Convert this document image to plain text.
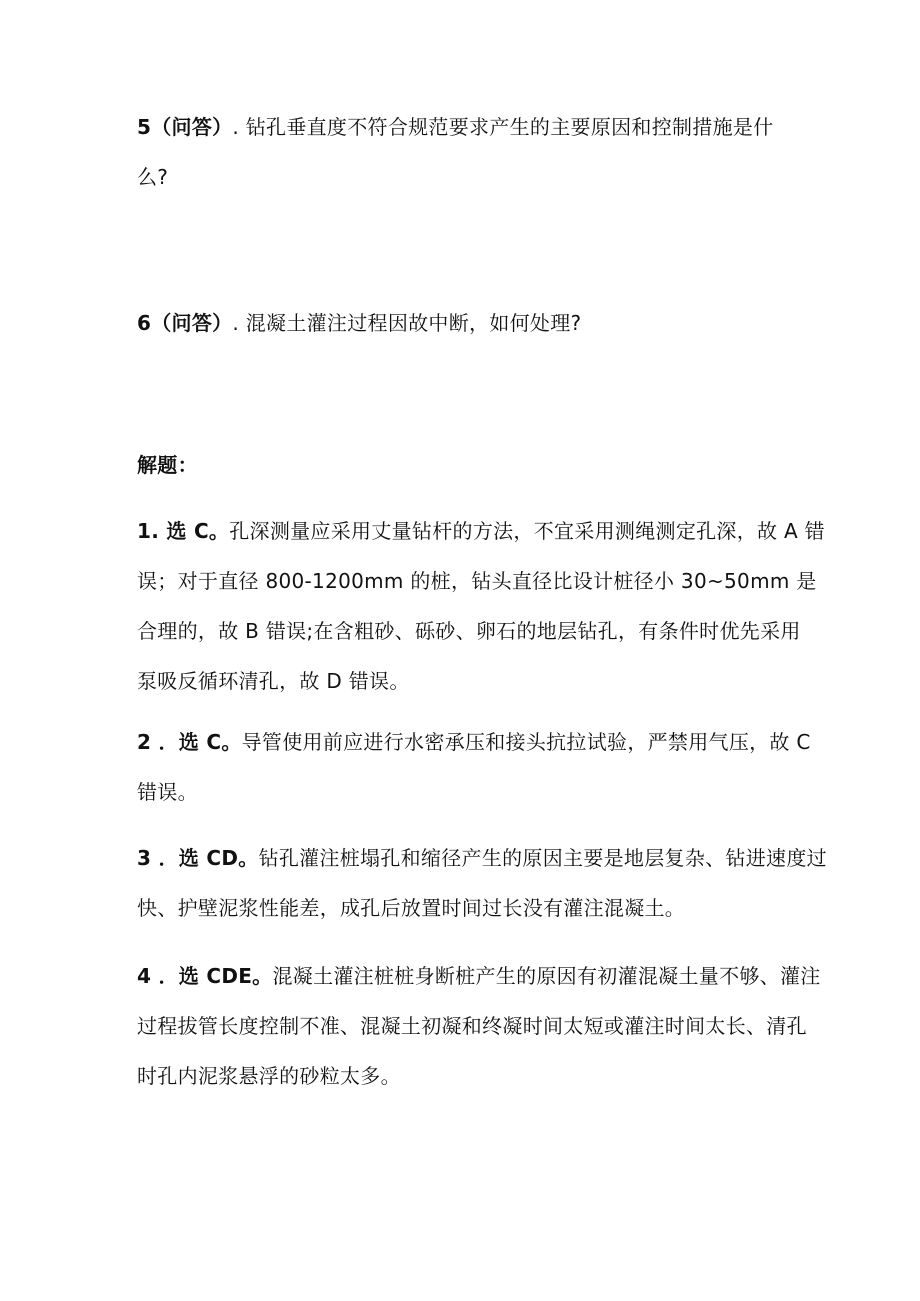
5（问答）. 钻孔垂直度不符合规范要求产生的主要原因和控制措施是什
么?
6（问答）. 混凝土灌注过程因故中断，如何处理?
解题：
1. 选 C。孔深测量应采用丈量钻杆的方法，不宜采用测绳测定孔深，故 A 错
误；对于直径 800-1200mm 的桩，钻头直径比设计桩径小 30~50mm 是
合理的，故 B 错误;在含粗砂、砾砂、卵石的地层钻孔，有条件时优先采用
泵吸反循环清孔，故 D 错误。
2 ．选 C。导管使用前应进行水密承压和接头抗拉试验，严禁用气压，故 C
错误。
3 ．选 CD。钻孔灌注桩塌孔和缩径产生的原因主要是地层复杂、钻进速度过
快、护壁泥浆性能差，成孔后放置时间过长没有灌注混凝土。
4 ．选 CDE。混凝土灌注桩桩身断桩产生的原因有初灌混凝土量不够、灌注
过程拔管长度控制不准、混凝土初凝和终凝时间太短或灌注时间太长、清孔
时孔内泥浆悬浮的砂粒太多。
